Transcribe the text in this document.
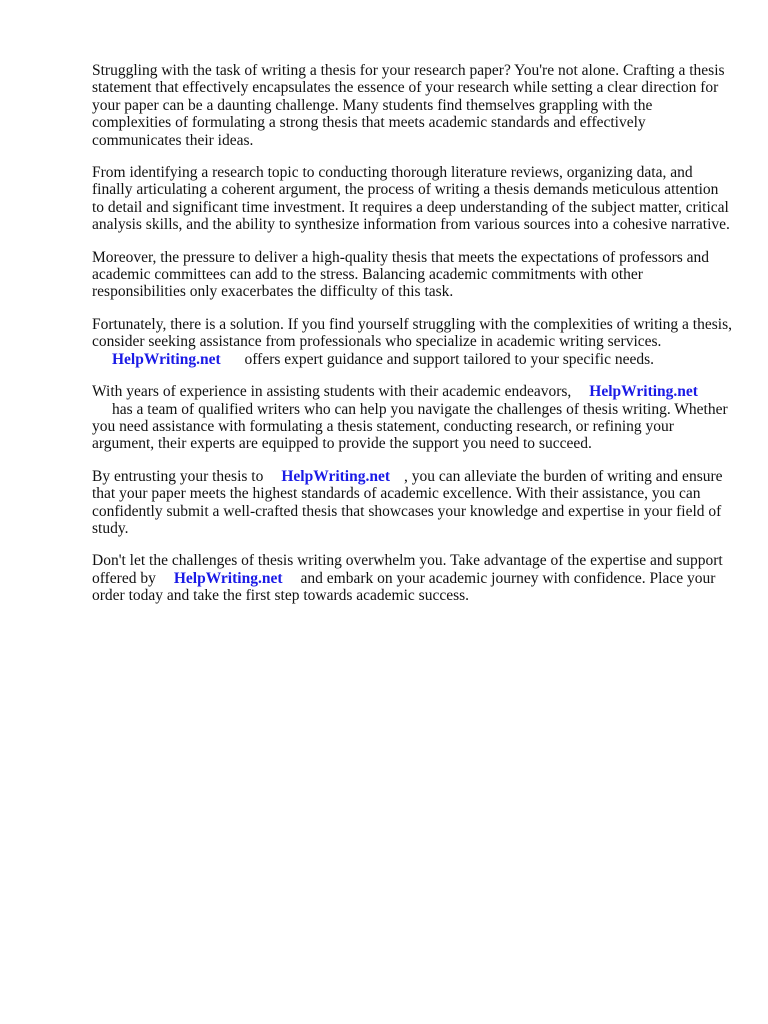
Struggling with the task of writing a thesis for your research paper? You're not alone. Crafting a thesis statement that effectively encapsulates the essence of your research while setting a clear direction for your paper can be a daunting challenge. Many students find themselves grappling with the complexities of formulating a strong thesis that meets academic standards and effectively communicates their ideas.

From identifying a research topic to conducting thorough literature reviews, organizing data, and finally articulating a coherent argument, the process of writing a thesis demands meticulous attention to detail and significant time investment. It requires a deep understanding of the subject matter, critical analysis skills, and the ability to synthesize information from various sources into a cohesive narrative.

Moreover, the pressure to deliver a high-quality thesis that meets the expectations of professors and academic committees can add to the stress. Balancing academic commitments with other responsibilities only exacerbates the difficulty of this task.

Fortunately, there is a solution. If you find yourself struggling with the complexities of writing a thesis, consider seeking assistance from professionals who specialize in academic writing services.
HelpWriting.net offers expert guidance and support tailored to your specific needs.

With years of experience in assisting students with their academic endeavors, HelpWriting.net
has a team of qualified writers who can help you navigate the challenges of thesis writing. Whether you need assistance with formulating a thesis statement, conducting research, or refining your argument, their experts are equipped to provide the support you need to succeed.

By entrusting your thesis to HelpWriting.net , you can alleviate the burden of writing and ensure that your paper meets the highest standards of academic excellence. With their assistance, you can confidently submit a well-crafted thesis that showcases your knowledge and expertise in your field of study.

Don't let the challenges of thesis writing overwhelm you. Take advantage of the expertise and support offered by HelpWriting.net and embark on your academic journey with confidence. Place your order today and take the first step towards academic success.
